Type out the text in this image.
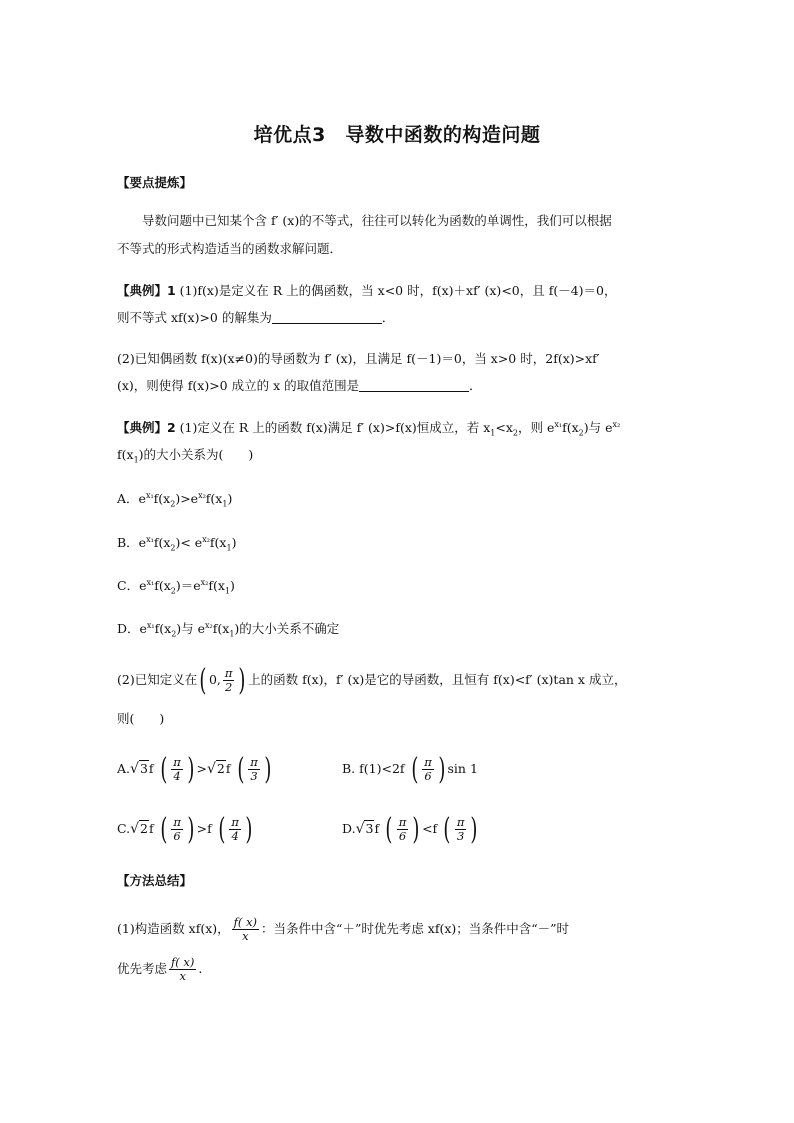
培优点3　导数中函数的构造问题
【要点提炼】
导数问题中已知某个含 f′ (x)的不等式，往往可以转化为函数的单调性，我们可以根据
不等式的形式构造适当的函数求解问题．
【典例】1 (1)f(x)是定义在 R 上的偶函数，当 x<0 时，f(x)＋xf′ (x)<0，且 f(－4)＝0，
则不等式 xf(x)>0 的解集为	．
(2)已知偶函数 f(x)(x≠0)的导函数为 f′ (x)，且满足 f(－1)＝0，当 x>0 时，2f(x)>xf′
(x)，则使得 f(x)>0 成立的 x 的取值范围是	．
【典例】2 (1)定义在 R 上的函数 f(x)满足 f′ (x)>f(x)恒成立，若 $x_1<x_2$，则 $e^{x_1}f(x_2)$与 $e^{x_2}$
$f(x_1)$的大小关系为(　　)
A．$e^{x_1}f(x_2)>e^{x_2}f(x_1)$
B．$e^{x_1}f(x_2)< e^{x_2}f(x_1)$
C．$e^{x_1}f(x_2)=e^{x_2}f(x_1)$
D．$e^{x_1}f(x_2)$与 $e^{x_2}f(x_1)$的大小关系不确定
(2)已知定义在( 0, $\frac{\pi}{2}$ ) 上的函数 f(x)，f′ (x)是它的导函数，且恒有 f(x)<f′ (x)tan x 成立，
则(　　)
A.√3f ( $\frac{\pi}{4}$ ) >√2f ( $\frac{\pi}{3}$ )	B. f(1)<2f ( $\frac{\pi}{6}$ ) sin 1
C.√2f ( $\frac{\pi}{6}$ ) >f ( $\frac{\pi}{4}$ )	D.√3f ( $\frac{\pi}{6}$ ) <f ( $\frac{\pi}{3}$ )
【方法总结】
(1)构造函数 xf(x)， $\frac{f( x)}{x}$ ：当条件中含“＋”时优先考虑 xf(x)；当条件中含“－”时
优先考虑 $\frac{f( x)}{x}$ .
